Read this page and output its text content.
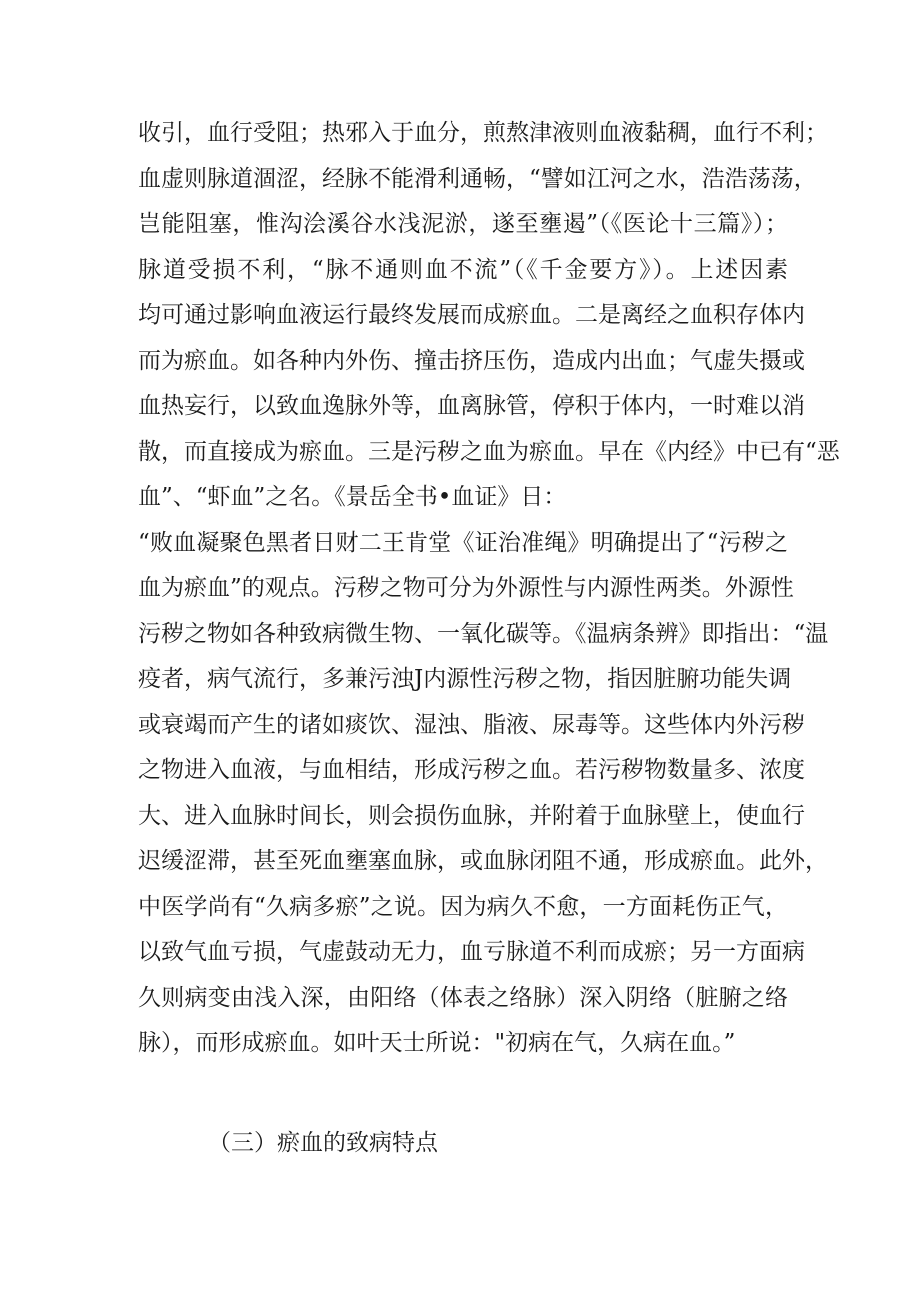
收引，血行受阻；热邪入于血分，煎熬津液则血液黏稠，血行不利；
血虚则脉道涸涩，经脉不能滑利通畅，“譬如江河之水，浩浩荡荡，
岂能阻塞，惟沟浍溪谷水浅泥淤，遂至壅遏”（《医论十三篇》）；
脉道受损不利，“脉不通则血不流”（《千金要方》）。上述因素
均可通过影响血液运行最终发展而成瘀血。二是离经之血积存体内
而为瘀血。如各种内外伤、撞击挤压伤，造成内出血；气虚失摄或
血热妄行，以致血逸脉外等，血离脉管，停积于体内，一时难以消
散，而直接成为瘀血。三是污秽之血为瘀血。早在《内经》中已有“恶
血”、“虾血”之名。《景岳全书•血证》日：
“败血凝聚色黑者日财二王肯堂《证治准绳》明确提出了“污秽之
血为瘀血”的观点。污秽之物可分为外源性与内源性两类。外源性
污秽之物如各种致病微生物、一氧化碳等。《温病条辨》即指出：“温
疫者，病气流行，多兼污浊J内源性污秽之物，指因脏腑功能失调
或衰竭而产生的诸如痰饮、湿浊、脂液、尿毒等。这些体内外污秽
之物进入血液，与血相结，形成污秽之血。若污秽物数量多、浓度
大、进入血脉时间长，则会损伤血脉，并附着于血脉壁上，使血行
迟缓涩滞，甚至死血壅塞血脉，或血脉闭阻不通，形成瘀血。此外，
中医学尚有“久病多瘀”之说。因为病久不愈，一方面耗伤正气，
以致气血亏损，气虚鼓动无力，血亏脉道不利而成瘀；另一方面病
久则病变由浅入深，由阳络（体表之络脉）深入阴络（脏腑之络
脉），而形成瘀血。如叶天士所说："初病在气，久病在血。”
（三）瘀血的致病特点
